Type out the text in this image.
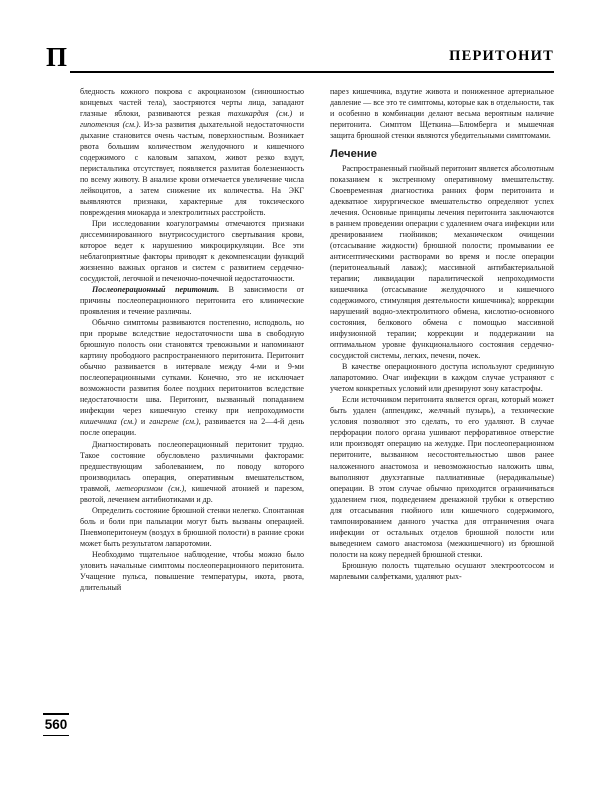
П	ПЕРИТОНИТ

бледность кожного покрова с акроцианозом (синюшностью концевых частей тела), заостряются черты лица, западают глазные яблоки, развиваются резкая тахикардия (см.) и гипотензия (см.). Из-за развития дыхательной недостаточности дыхание становится очень частым, поверхностным. Возникает рвота большим количеством желудочного и кишечного содержимого с каловым запахом, живот резко вздут, перистальтика отсутствует, появляется разлитая болезненность по всему животу. В анализе крови отмечается увеличение числа лейкоцитов, а затем снижение их количества. На ЭКГ выявляются признаки, характерные для токсического повреждения миокарда и электролитных расстройств.

При исследовании коагулограммы отмечаются признаки диссеминированного внутрисосудистого свертывания крови, которое ведет к нарушению микроциркуляции. Все эти неблагоприятные факторы приводят к декомпенсации функций жизненно важных органов и систем с развитием сердечно-сосудистой, легочной и печеночно-почечной недостаточности.

Послеоперационный перитонит. В зависимости от причины послеоперационного перитонита его клинические проявления и течение различны.

Обычно симптомы развиваются постепенно, исподволь, но при прорыве вследствие недостаточности шва в свободную брюшную полость они становятся тревожными и напоминают картину прободного распространенного перитонита. Перитонит обычно развивается в интервале между 4-ми и 9-ми послеоперационными сутками. Конечно, это не исключает возможности развития более поздних перитонитов вследствие недостаточности шва. Перитонит, вызванный попаданием инфекции через кишечную стенку при непроходимости кишечника (см.) и гангрене (см.), развивается на 2—4-й день после операции.

Диагностировать послеоперационный перитонит трудно. Такое состояние обусловлено различными факторами: предшествующим заболеванием, по поводу которого производилась операция, оперативным вмешательством, травмой, метеоризмом (см.), кишечной атонией и парезом, рвотой, лечением антибиотиками и др.

Определить состояние брюшной стенки нелегко. Спонтанная боль и боли при пальпации могут быть вызваны операцией. Пневмоперитонеум (воздух в брюшной полости) в ранние сроки может быть результатом лапаротомии.

Необходимо тщательное наблюдение, чтобы можно было уловить начальные симптомы послеоперационного перитонита. Учащение пульса, повышение температуры, икота, рвота, длительный

парез кишечника, вздутие живота и пониженное артериальное давление — все это те симптомы, которые как в отдельности, так и особенно в комбинации делают весьма вероятным наличие перитонита. Симптом Щеткина—Блюмберга и мышечная защита брюшной стенки являются убедительными симптомами.

Лечение

Распространенный гнойный перитонит является абсолютным показанием к экстренному оперативному вмешательству. Своевременная диагностика ранних форм перитонита и адекватное хирургическое вмешательство определяют успех лечения. Основные принципы лечения перитонита заключаются в раннем проведении операции с удалением очага инфекции или дренированием гнойников; механическом очищении (отсасывание жидкости) брюшной полости; промывании ее антисептическими растворами во время и после операции (перитонеальный лаваж); массивной антибактериальной терапии; ликвидации паралитической непроходимости кишечника (отсасывание желудочного и кишечного содержимого, стимуляция деятельности кишечника); коррекции нарушений водно-электролитного обмена, кислотно-основного состояния, белкового обмена с помощью массивной инфузионной терапии; коррекции и поддержании на оптимальном уровне функционального состояния сердечно-сосудистой системы, легких, печени, почек.

В качестве операционного доступа используют срединную лапаротомию. Очаг инфекции в каждом случае устраняют с учетом конкретных условий или дренируют зону катастрофы.

Если источником перитонита является орган, который может быть удален (аппендикс, желчный пузырь), а технические условия позволяют это сделать, то его удаляют. В случае перфорации полого органа ушивают перфоративное отверстие или производят операцию на желудке. При послеоперационном перитоните, вызванном несостоятельностью швов ранее наложенного анастомоза и невозможностью наложить швы, выполняют двухэтапные паллиативные (нерадикальные) операции. В этом случае обычно приходится ограничиваться удалением гноя, подведением дренажной трубки к отверстию для отсасывания гнойного или кишечного содержимого, тампонированием данного участка для отграничения очага инфекции от остальных отделов брюшной полости или выведением самого анастомоза (межкишечного) из брюшной полости на кожу передней брюшной стенки.

Брюшную полость тщательно осушают электроотсосом и марлевыми салфетками, удаляют рых-

560
